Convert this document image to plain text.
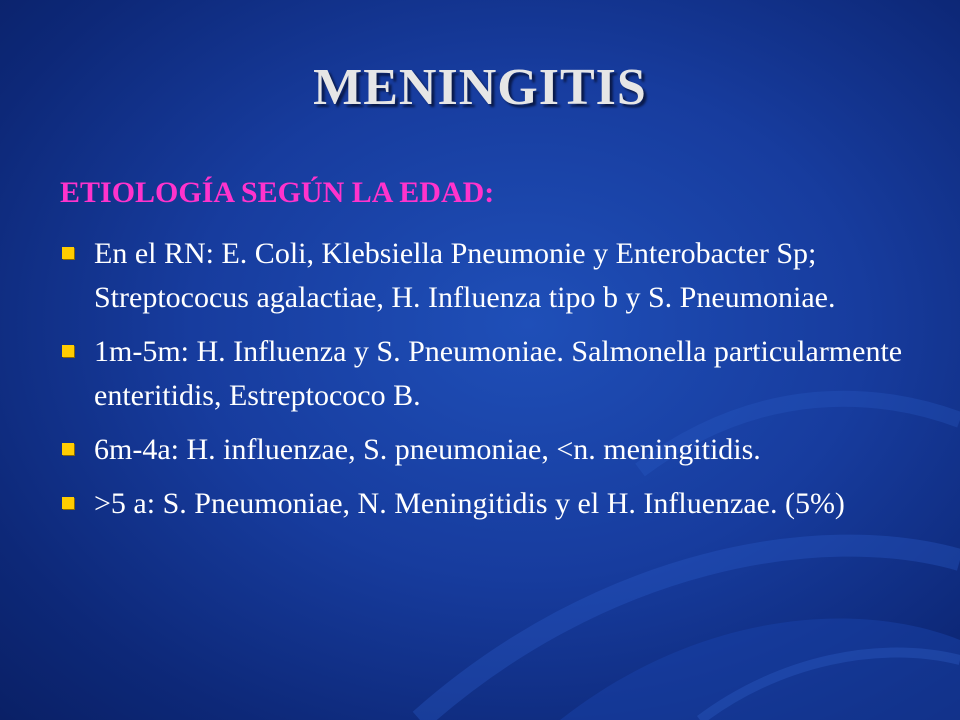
MENINGITIS
ETIOLOGÍA SEGÚN LA EDAD:
En el RN: E. Coli, Klebsiella Pneumonie y Enterobacter Sp; Streptococus agalactiae, H. Influenza tipo b y S. Pneumoniae.
1m-5m: H. Influenza y S. Pneumoniae. Salmonella particularmente enteritidis, Estreptococo B.
6m-4a: H. influenzae, S. pneumoniae, <n. meningitidis.
>5 a: S. Pneumoniae, N. Meningitidis y el H. Influenzae. (5%)
